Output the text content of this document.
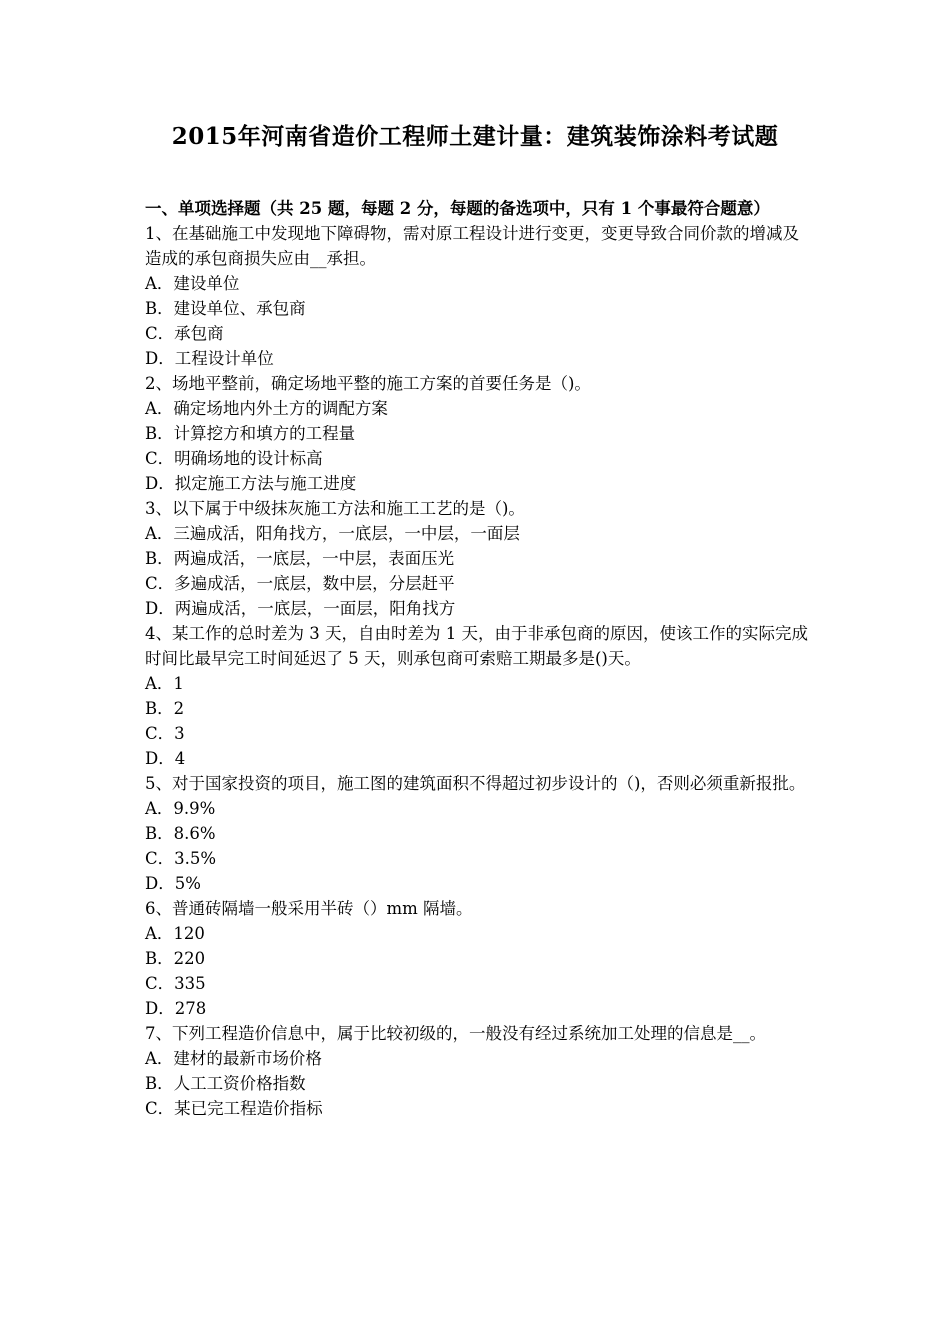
2015年河南省造价工程师土建计量：建筑装饰涂料考试题
一、单项选择题（共 25 题，每题 2 分，每题的备选项中，只有 1 个事最符合题意）
1、在基础施工中发现地下障碍物，需对原工程设计进行变更，变更导致合同价款的增减及造成的承包商损失应由__承担。
A．建设单位
B．建设单位、承包商
C．承包商
D．工程设计单位
2、场地平整前，确定场地平整的施工方案的首要任务是（)。
A．确定场地内外土方的调配方案
B．计算挖方和填方的工程量
C．明确场地的设计标高
D．拟定施工方法与施工进度
3、以下属于中级抹灰施工方法和施工工艺的是（)。
A．三遍成活，阳角找方，一底层，一中层，一面层
B．两遍成活，一底层，一中层，表面压光
C．多遍成活，一底层，数中层，分层赶平
D．两遍成活，一底层，一面层，阳角找方
4、某工作的总时差为 3 天，自由时差为 1 天，由于非承包商的原因，使该工作的实际完成时间比最早完工时间延迟了 5 天，则承包商可索赔工期最多是()天。
A．1
B．2
C．3
D．4
5、对于国家投资的项目，施工图的建筑面积不得超过初步设计的（)，否则必须重新报批。
A．9.9%
B．8.6%
C．3.5%
D．5%
6、普通砖隔墙一般采用半砖（）mm 隔墙。
A．120
B．220
C．335
D．278
7、下列工程造价信息中，属于比较初级的，一般没有经过系统加工处理的信息是__。
A．建材的最新市场价格
B．人工工资价格指数
C．某已完工程造价指标
